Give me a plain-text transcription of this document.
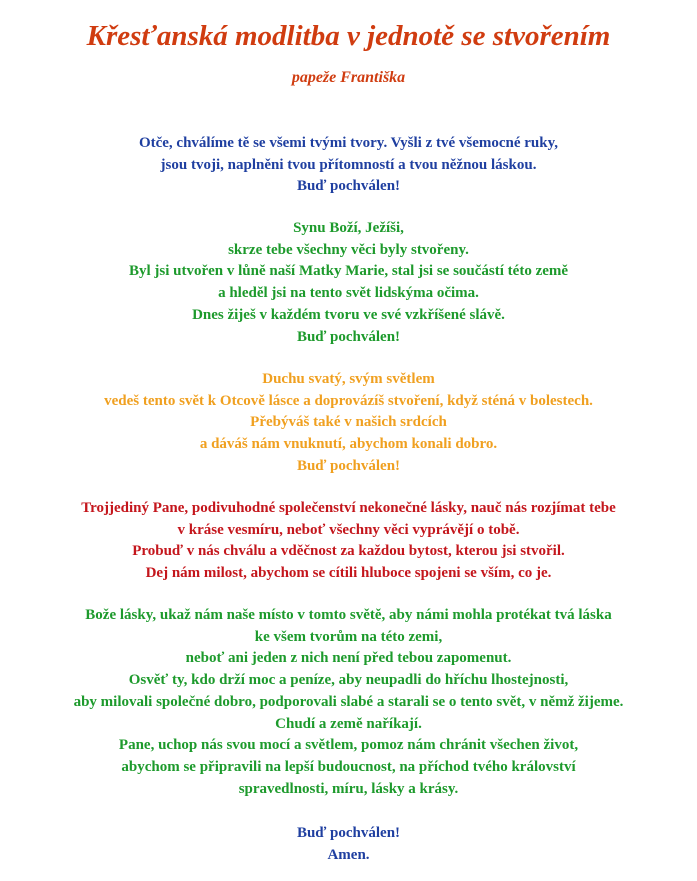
Křesťanská modlitba v jednotě se stvořením

papeže Františka

Otče, chválíme tě se všemi tvými tvory. Vyšli z tvé všemocné ruky,
jsou tvoji, naplněni tvou přítomností a tvou něžnou láskou.
Buď pochválen!
Synu Boží, Ježíši,
skrze tebe všechny věci byly stvořeny.
Byl jsi utvořen v lůně naší Matky Marie, stal jsi se součástí této země
a hleděl jsi na tento svět lidskýma očima.
Dnes žiješ v každém tvoru ve své vzkříšené slávě.
Buď pochválen!
Duchu svatý, svým světlem
vedeš tento svět k Otcově lásce a doprovázíš stvoření, když sténá v bolestech.
Přebýváš také v našich srdcích
a dáváš nám vnuknutí, abychom konali dobro.
Buď pochválen!
Trojjediný Pane, podivuhodné společenství nekonečné lásky, nauč nás rozjímat tebe
v kráse vesmíru, neboť všechny věci vyprávějí o tobě.
Probuď v nás chválu a vděčnost za každou bytost, kterou jsi stvořil.
Dej nám milost, abychom se cítili hluboce spojeni se vším, co je.
Bože lásky, ukaž nám naše místo v tomto světě, aby námi mohla protékat tvá láska
ke všem tvorům na této zemi,
neboť ani jeden z nich není před tebou zapomenut.
Osvěť ty, kdo drží moc a peníze, aby neupadli do hříchu lhostejnosti,
aby milovali společné dobro, podporovali slabé a starali se o tento svět, v němž žijeme.
Chudí a země naříkají.
Pane, uchop nás svou mocí a světlem, pomoz nám chránit všechen život,
abychom se připravili na lepší budoucnost, na příchod tvého království
spravedlnosti, míru, lásky a krásy.
Buď pochválen!
Amen.
